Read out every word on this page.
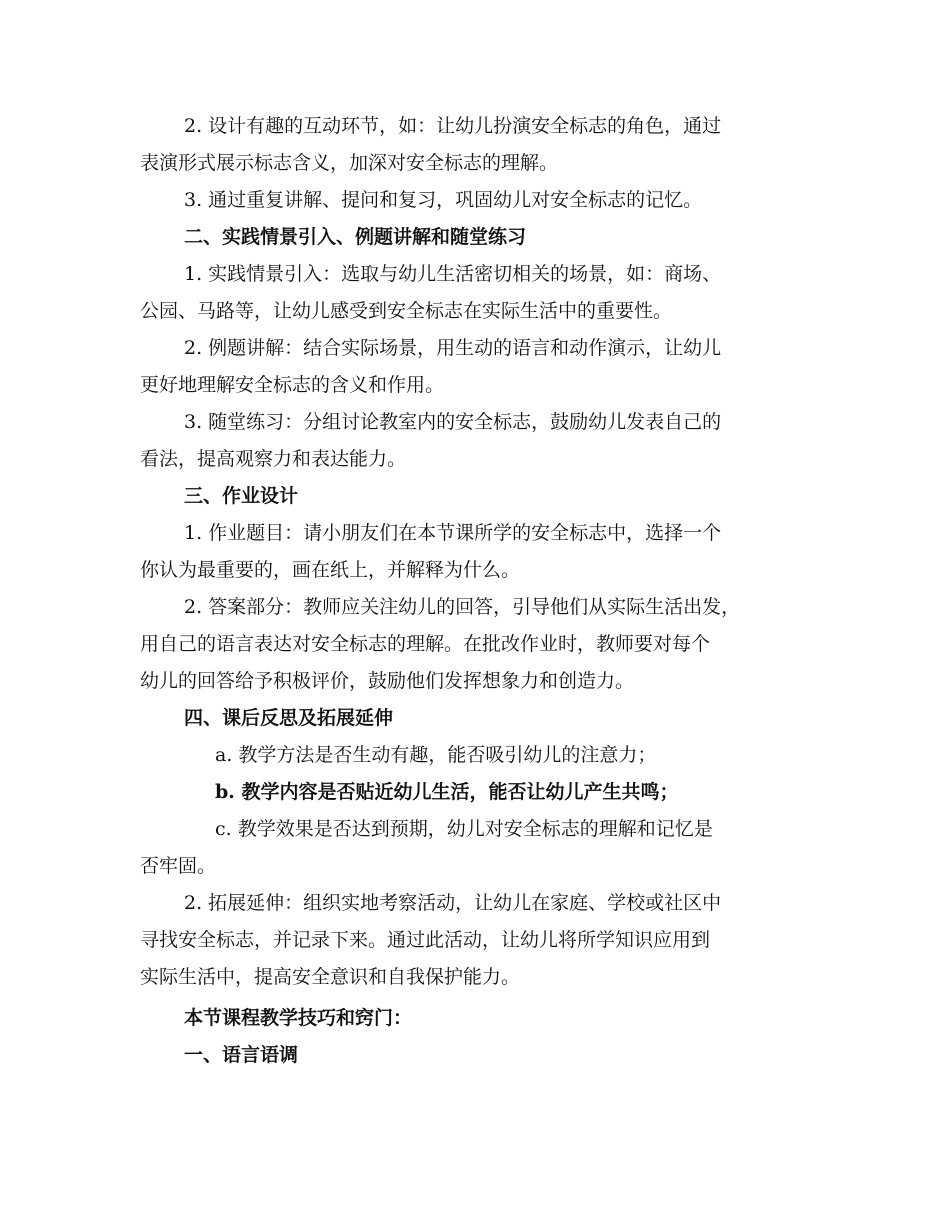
2. 设计有趣的互动环节，如：让幼儿扮演安全标志的角色，通过
表演形式展示标志含义，加深对安全标志的理解。
3. 通过重复讲解、提问和复习，巩固幼儿对安全标志的记忆。
二、实践情景引入、例题讲解和随堂练习
1. 实践情景引入：选取与幼儿生活密切相关的场景，如：商场、
公园、马路等，让幼儿感受到安全标志在实际生活中的重要性。
2. 例题讲解：结合实际场景，用生动的语言和动作演示，让幼儿
更好地理解安全标志的含义和作用。
3. 随堂练习：分组讨论教室内的安全标志，鼓励幼儿发表自己的
看法，提高观察力和表达能力。
三、作业设计
1. 作业题目：请小朋友们在本节课所学的安全标志中，选择一个
你认为最重要的，画在纸上，并解释为什么。
2. 答案部分：教师应关注幼儿的回答，引导他们从实际生活出发，
用自己的语言表达对安全标志的理解。在批改作业时，教师要对每个
幼儿的回答给予积极评价，鼓励他们发挥想象力和创造力。
四、课后反思及拓展延伸
a. 教学方法是否生动有趣，能否吸引幼儿的注意力；
b. 教学内容是否贴近幼儿生活，能否让幼儿产生共鸣；
c. 教学效果是否达到预期，幼儿对安全标志的理解和记忆是
否牢固。
2. 拓展延伸：组织实地考察活动，让幼儿在家庭、学校或社区中
寻找安全标志，并记录下来。通过此活动，让幼儿将所学知识应用到
实际生活中，提高安全意识和自我保护能力。
本节课程教学技巧和窍门：
一、语言语调
